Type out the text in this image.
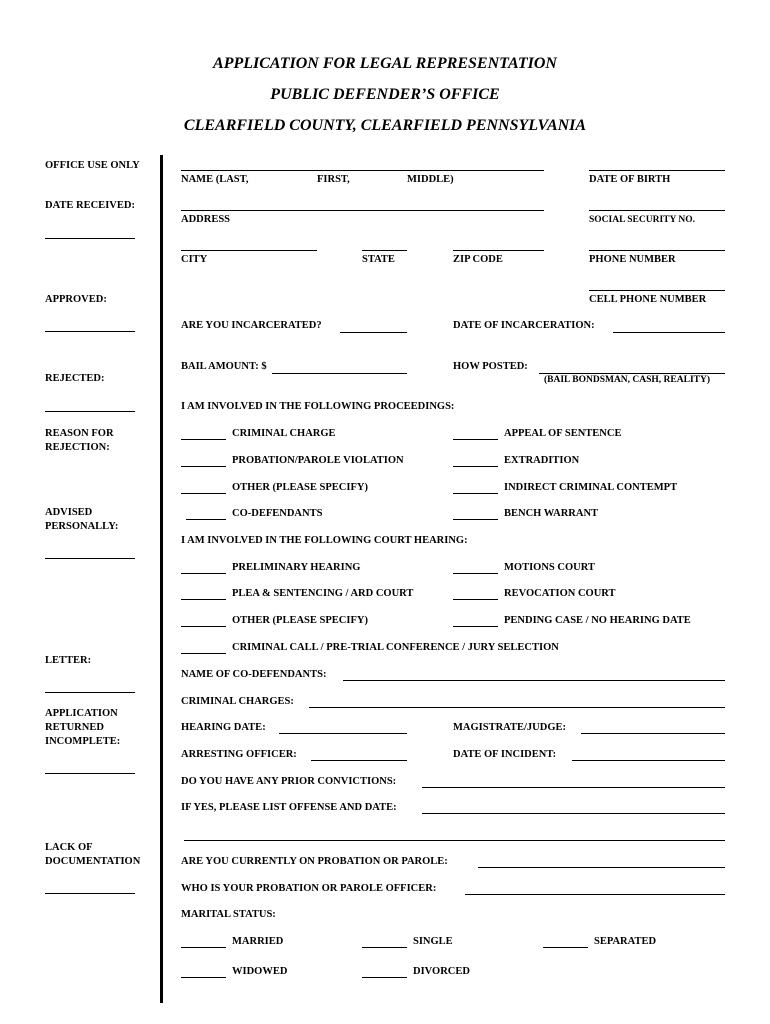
APPLICATION FOR LEGAL REPRESENTATION
PUBLIC DEFENDER’S OFFICE
CLEARFIELD COUNTY, CLEARFIELD PENNSYLVANIA
OFFICE USE ONLY
DATE RECEIVED:
APPROVED:
REJECTED:
REASON FOR
REJECTION:
ADVISED
PERSONALLY:
LETTER:
APPLICATION
RETURNED
INCOMPLETE:
LACK OF
DOCUMENTATION
NAME (LAST,	FIRST,	MIDDLE)	DATE OF BIRTH
ADDRESS	SOCIAL SECURITY NO.
CITY	STATE	ZIP CODE	PHONE NUMBER
CELL PHONE NUMBER
ARE YOU INCARCERATED?	DATE OF INCARCERATION:
BAIL AMOUNT: $	HOW POSTED:
(BAIL BONDSMAN, CASH, REALITY)
I AM INVOLVED IN THE FOLLOWING PROCEEDINGS:
CRIMINAL CHARGE	APPEAL OF SENTENCE
PROBATION/PAROLE VIOLATION	EXTRADITION
OTHER (PLEASE SPECIFY)	INDIRECT CRIMINAL CONTEMPT
CO-DEFENDANTS	BENCH WARRANT
I AM INVOLVED IN THE FOLLOWING COURT HEARING:
PRELIMINARY HEARING	MOTIONS COURT
PLEA & SENTENCING / ARD COURT	REVOCATION COURT
OTHER (PLEASE SPECIFY)	PENDING CASE / NO HEARING DATE
CRIMINAL CALL / PRE-TRIAL CONFERENCE / JURY SELECTION
NAME OF CO-DEFENDANTS:
CRIMINAL CHARGES:
HEARING DATE:	MAGISTRATE/JUDGE:
ARRESTING OFFICER:	DATE OF INCIDENT:
DO YOU HAVE ANY PRIOR CONVICTIONS:
IF YES, PLEASE LIST OFFENSE AND DATE:
ARE YOU CURRENTLY ON PROBATION OR PAROLE:
WHO IS YOUR PROBATION OR PAROLE OFFICER:
MARITAL STATUS:
MARRIED	SINGLE	SEPARATED
WIDOWED	DIVORCED
